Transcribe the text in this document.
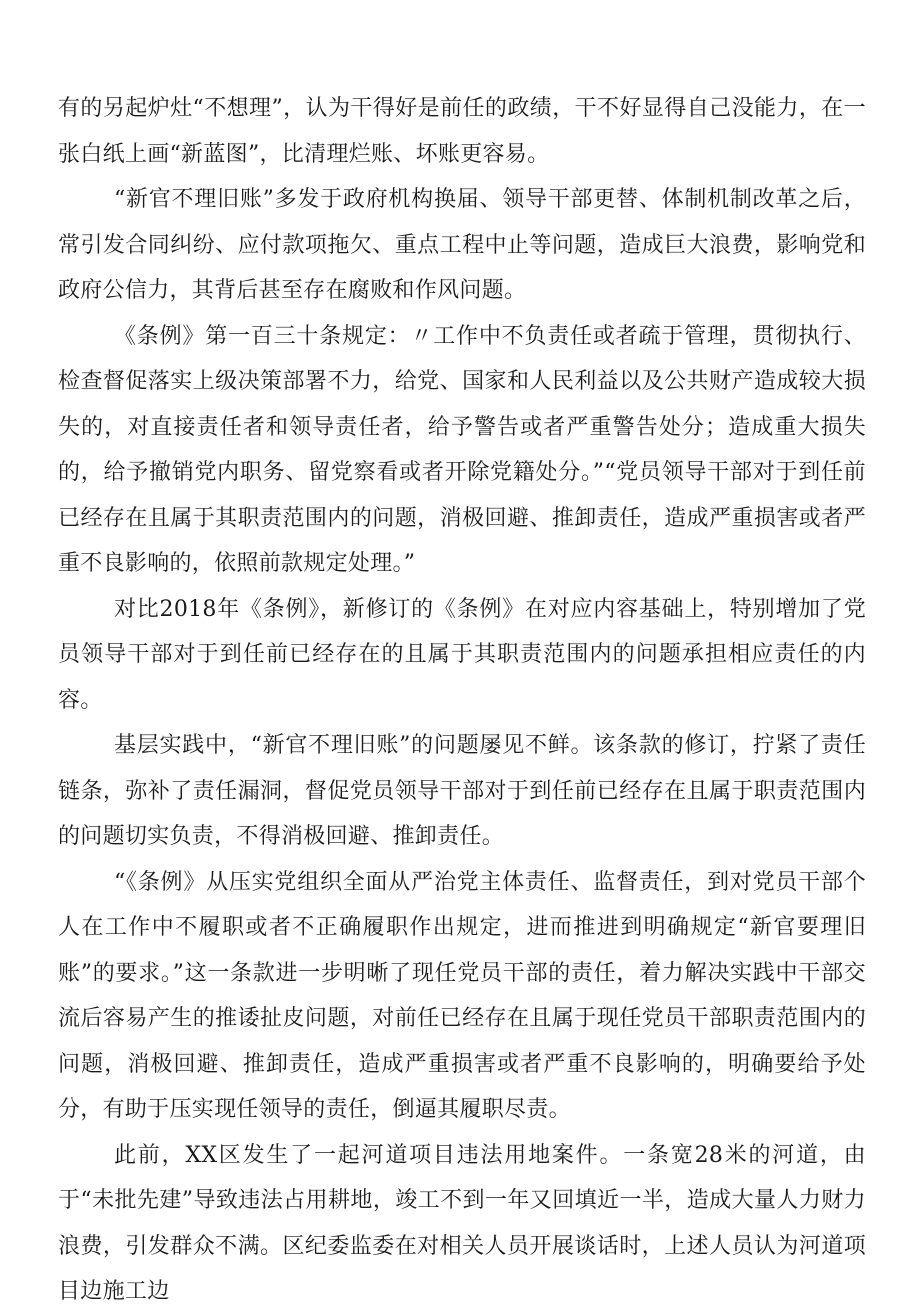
有的另起炉灶“不想理”，认为干得好是前任的政绩，干不好显得自己没能力，在一张白纸上画“新蓝图”，比清理烂账、坏账更容易。

“新官不理旧账”多发于政府机构换届、领导干部更替、体制机制改革之后，常引发合同纠纷、应付款项拖欠、重点工程中止等问题，造成巨大浪费，影响党和政府公信力，其背后甚至存在腐败和作风问题。

《条例》第一百三十条规定：〃工作中不负责任或者疏于管理，贯彻执行、检查督促落实上级决策部署不力，给党、国家和人民利益以及公共财产造成较大损失的，对直接责任者和领导责任者，给予警告或者严重警告处分；造成重大损失的，给予撤销党内职务、留党察看或者开除党籍处分。”“党员领导干部对于到任前已经存在且属于其职责范围内的问题，消极回避、推卸责任，造成严重损害或者严重不良影响的，依照前款规定处理。”

对比2018年《条例》，新修订的《条例》在对应内容基础上，特别增加了党员领导干部对于到任前已经存在的且属于其职责范围内的问题承担相应责任的内容。

基层实践中，“新官不理旧账”的问题屡见不鲜。该条款的修订，拧紧了责任链条，弥补了责任漏洞，督促党员领导干部对于到任前已经存在且属于职责范围内的问题切实负责，不得消极回避、推卸责任。

“《条例》从压实党组织全面从严治党主体责任、监督责任，到对党员干部个人在工作中不履职或者不正确履职作出规定，进而推进到明确规定“新官要理旧账”的要求。”这一条款进一步明晰了现任党员干部的责任，着力解决实践中干部交流后容易产生的推诿扯皮问题，对前任已经存在且属于现任党员干部职责范围内的问题，消极回避、推卸责任，造成严重损害或者严重不良影响的，明确要给予处分，有助于压实现任领导的责任，倒逼其履职尽责。

此前，XX区发生了一起河道项目违法用地案件。一条宽28米的河道，由于“未批先建”导致违法占用耕地，竣工不到一年又回填近一半，造成大量人力财力浪费，引发群众不满。区纪委监委在对相关人员开展谈话时，上述人员认为河道项目边施工边
